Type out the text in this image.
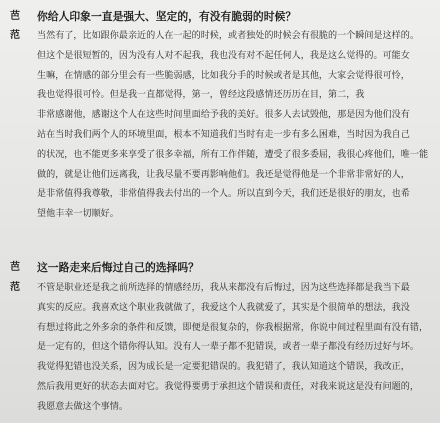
芭	你给人印象一直是强大、坚定的，有没有脆弱的时候？
范	当然有了，比如跟你最亲近的人在一起的时候，或者独处的时候会有很脆的一个瞬间是这样的。
但这个是很短暂的，因为没有人对不起我，我也没有对不起任何人，我是这么觉得的。可能女
生嘛，在情感的部分里会有一些脆弱感，比如我分手的时候或者是其他，大家会觉得很可怜，
我也觉得很可怜。但是我一直都觉得，第一，曾经这段感情还历历在目，第二，我
非常感谢他，感谢这个人在这些时间里面给予我的美好。很多人去试毁他，那是因为他们没有
站在当时我们两个人的环境里面，根本不知道我们当时有走一步有多么困难，当时因为我自己
的状况，也不能更多来享受了很多幸福，所有工作伴随，遭受了很多委屈，我很心疼他们，唯一能
做的，就是让他们远离我，让我尽量不要再影响他们。我还是觉得他是一个非常非常好的人，
是非常值得我尊敬，非常值得我去付出的一个人。所以直到今天，我们还是很好的朋友，也希
望他丰幸一切顺好。
芭	这一路走来后悔过自己的选择吗？
范	不管是职业还是我之前所选择的情感经历，我从来都没有后悔过，因为这些选择都是我当下最
真实的反应。我喜欢这个职业我就做了，我爱这个人我就爱了，其实是个很简单的想法，我没
有想过将此之外多余的条件和反馈，即便是很复杂的，你我根据常，你说中间过程里面有没有错，
是一定有的，但这个错你得认知。没有人一辈子都不犯错误，或者一辈子都没有经历过好与坏。
我觉得犯错也没关系，因为成长是一定要犯错误的。我犯错了，我认知道这个错误，我改正，
然后我用更好的状态去面对它。我觉得要勇于承担这个错误和责任，对我来说这是没有问题的，
我愿意去做这个事情。
